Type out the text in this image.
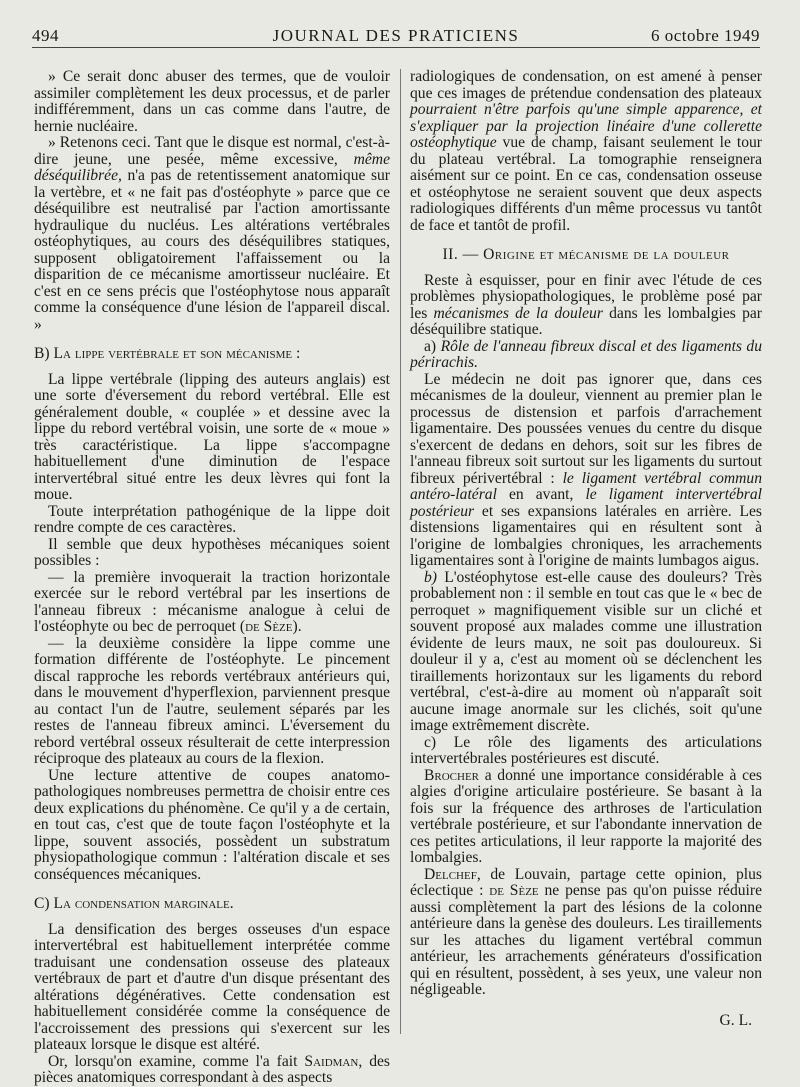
494	JOURNAL DES PRATICIENS	6 octobre 1949

» Ce serait donc abuser des termes, que de vouloir assimiler complètement les deux processus, et de parler indifféremment, dans un cas comme dans l'autre, de hernie nucléaire.

» Retenons ceci. Tant que le disque est normal, c'est-à-dire jeune, une pesée, même excessive, même déséquilibrée, n'a pas de retentissement anatomique sur la vertèbre, et « ne fait pas d'ostéophyte » parce que ce déséquilibre est neutralisé par l'action amortissante hydraulique du nucléus. Les altérations vertébrales ostéophytiques, au cours des déséquilibres statiques, supposent obligatoirement l'affaissement ou la disparition de ce mécanisme amortisseur nucléaire. Et c'est en ce sens précis que l'ostéophytose nous apparaît comme la conséquence d'une lésion de l'appareil discal. »

B) La lippe vertébrale et son mécanisme :

La lippe vertébrale (lipping des auteurs anglais) est une sorte d'éversement du rebord vertébral. Elle est généralement double, « couplée » et dessine avec la lippe du rebord vertébral voisin, une sorte de « moue » très caractéristique. La lippe s'accompagne habituellement d'une diminution de l'espace intervertébral situé entre les deux lèvres qui font la moue.

Toute interprétation pathogénique de la lippe doit rendre compte de ces caractères.

Il semble que deux hypothèses mécaniques soient possibles :

— la première invoquerait la traction horizontale exercée sur le rebord vertébral par les insertions de l'anneau fibreux : mécanisme analogue à celui de l'ostéophyte ou bec de perroquet (de Sèze).

— la deuxième considère la lippe comme une formation différente de l'ostéophyte. Le pincement discal rapproche les rebords vertébraux antérieurs qui, dans le mouvement d'hyperflexion, parviennent presque au contact l'un de l'autre, seulement séparés par les restes de l'anneau fibreux aminci. L'éversement du rebord vertébral osseux résulterait de cette interpression réciproque des plateaux au cours de la flexion.

Une lecture attentive de coupes anatomo-pathologiques nombreuses permettra de choisir entre ces deux explications du phénomène. Ce qu'il y a de certain, en tout cas, c'est que de toute façon l'ostéophyte et la lippe, souvent associés, possèdent un substratum physiopathologique commun : l'altération discale et ses conséquences mécaniques.

C) La condensation marginale.

La densification des berges osseuses d'un espace intervertébral est habituellement interprétée comme traduisant une condensation osseuse des plateaux vertébraux de part et d'autre d'un disque présentant des altérations dégénératives. Cette condensation est habituellement considérée comme la conséquence de l'accroissement des pressions qui s'exercent sur les plateaux lorsque le disque est altéré.

Or, lorsqu'on examine, comme l'a fait Saidman, des pièces anatomiques correspondant à des aspects

radiologiques de condensation, on est amené à penser que ces images de prétendue condensation des plateaux pourraient n'être parfois qu'une simple apparence, et s'expliquer par la projection linéaire d'une collerette ostéophytique vue de champ, faisant seulement le tour du plateau vertébral. La tomographie renseignera aisément sur ce point. En ce cas, condensation osseuse et ostéophytose ne seraient souvent que deux aspects radiologiques différents d'un même processus vu tantôt de face et tantôt de profil.

II. — Origine et mécanisme de la douleur

Reste à esquisser, pour en finir avec l'étude de ces problèmes physiopathologiques, le problème posé par les mécanismes de la douleur dans les lombalgies par déséquilibre statique.

a) Rôle de l'anneau fibreux discal et des ligaments du périrachis.

Le médecin ne doit pas ignorer que, dans ces mécanismes de la douleur, viennent au premier plan le processus de distension et parfois d'arrachement ligamentaire. Des poussées venues du centre du disque s'exercent de dedans en dehors, soit sur les fibres de l'anneau fibreux soit surtout sur les ligaments du surtout fibreux périvertébral : le ligament vertébral commun antéro-latéral en avant, le ligament intervertébral postérieur et ses expansions latérales en arrière. Les distensions ligamentaires qui en résultent sont à l'origine de lombalgies chroniques, les arrachements ligamentaires sont à l'origine de maints lumbagos aigus.

b) L'ostéophytose est-elle cause des douleurs? Très probablement non : il semble en tout cas que le « bec de perroquet » magnifiquement visible sur un cliché et souvent proposé aux malades comme une illustration évidente de leurs maux, ne soit pas douloureux. Si douleur il y a, c'est au moment où se déclenchent les tiraillements horizontaux sur les ligaments du rebord vertébral, c'est-à-dire au moment où n'apparaît soit aucune image anormale sur les clichés, soit qu'une image extrêmement discrète.

c) Le rôle des ligaments des articulations intervertébrales postérieures est discuté.

Brocher a donné une importance considérable à ces algies d'origine articulaire postérieure. Se basant à la fois sur la fréquence des arthroses de l'articulation vertébrale postérieure, et sur l'abondante innervation de ces petites articulations, il leur rapporte la majorité des lombalgies.

Delchef, de Louvain, partage cette opinion, plus éclectique : de Sèze ne pense pas qu'on puisse réduire aussi complètement la part des lésions de la colonne antérieure dans la genèse des douleurs. Les tiraillements sur les attaches du ligament vertébral commun antérieur, les arrachements générateurs d'ossification qui en résultent, possèdent, à ses yeux, une valeur non négligeable.

G. L.
